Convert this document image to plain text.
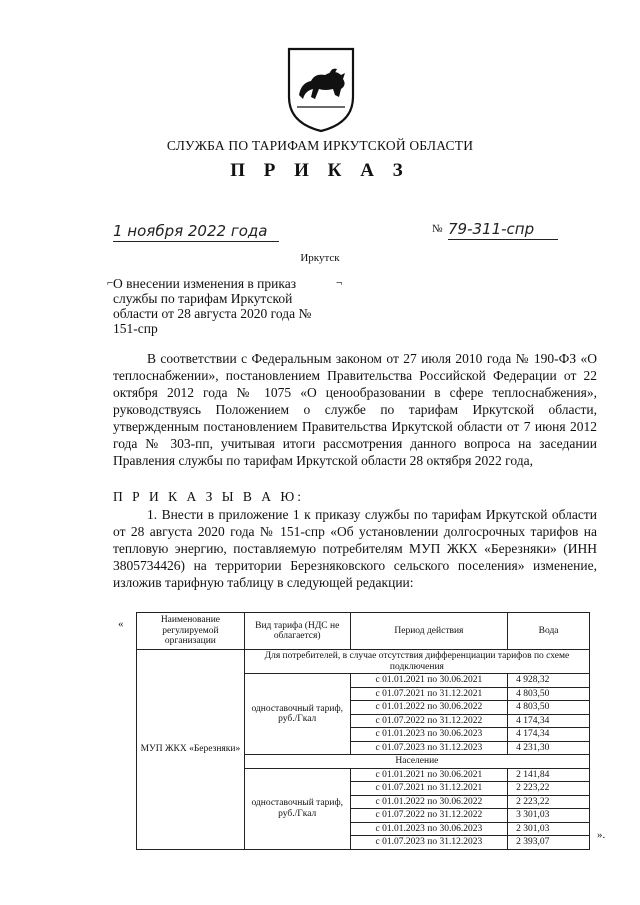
СЛУЖБА ПО ТАРИФАМ ИРКУТСКОЙ ОБЛАСТИ
П Р И К А З
1 ноября 2022 года	№ 79-311-спр
Иркутск
⌐	¬
О внесении изменения в приказ службы по тарифам Иркутской области от 28 августа 2020 года № 151-спр
В соответствии с Федеральным законом от 27 июля 2010 года № 190-ФЗ «О теплоснабжении», постановлением Правительства Российской Федерации от 22 октября 2012 года № 1075 «О ценообразовании в сфере теплоснабжения», руководствуясь Положением о службе по тарифам Иркутской области, утвержденным постановлением Правительства Иркутской области от 7 июня 2012 года № 303-пп, учитывая итоги рассмотрения данного вопроса на заседании Правления службы по тарифам Иркутской области 28 октября 2022 года,
П Р И К А З Ы В А Ю:
1. Внести в приложение 1 к приказу службы по тарифам Иркутской области от 28 августа 2020 года № 151-спр «Об установлении долгосрочных тарифов на тепловую энергию, поставляемую потребителям МУП ЖКХ «Березняки» (ИНН 3805734426) на территории Березняковского сельского поселения» изменение, изложив тарифную таблицу в следующей редакции:
«	Наименование регулируемой организации	Вид тарифа (НДС не облагается)	Период действия	Вода
МУП ЖКХ «Березняки»	Для потребителей, в случае отсутствия дифференциации тарифов по схеме подключения		
	одноставочный тариф, руб./Гкал	с 01.01.2021 по 30.06.2021	4 928,32
		с 01.07.2021 по 31.12.2021	4 803,50
		с 01.01.2022 по 30.06.2022	4 803,50
		с 01.07.2022 по 31.12.2022	4 174,34
		с 01.01.2023 по 30.06.2023	4 174,34
		с 01.07.2023 по 31.12.2023	4 231,30
	Население		
	одноставочный тариф, руб./Гкал	с 01.01.2021 по 30.06.2021	2 141,84
		с 01.07.2021 по 31.12.2021	2 223,22
		с 01.01.2022 по 30.06.2022	2 223,22
		с 01.07.2022 по 31.12.2022	3 301,03
		с 01.01.2023 по 30.06.2023	2 301,03
		с 01.07.2023 по 31.12.2023	2 393,07
».
